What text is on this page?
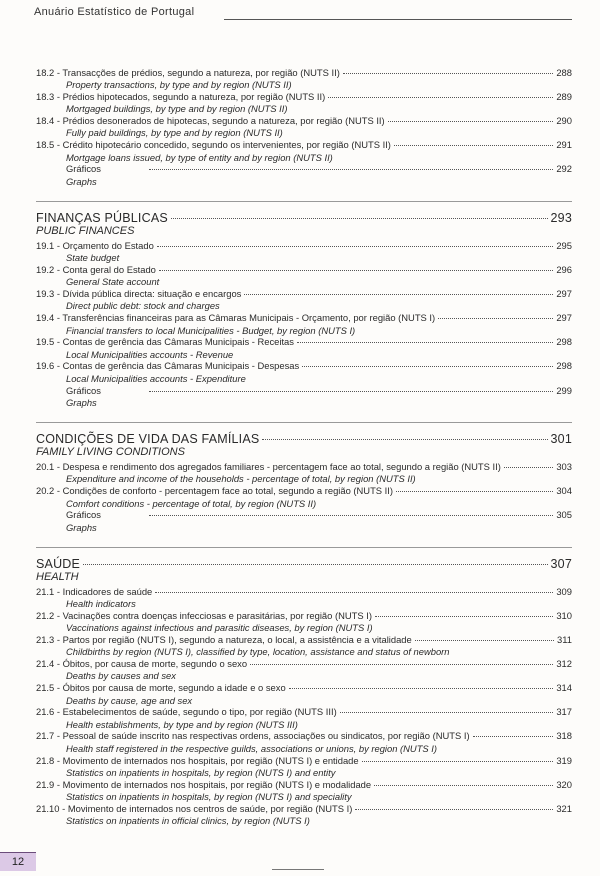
Anuário Estatístico de Portugal
18.2 - Transacções de prédios, segundo a natureza, por região (NUTS II)	288
Property transactions, by type and by region (NUTS II)
18.3 - Prédios hipotecados, segundo a natureza, por região (NUTS II)	289
Mortgaged buildings, by type and by region (NUTS II)
18.4 - Prédios desonerados de hipotecas, segundo a natureza, por região (NUTS II)	290
Fully paid buildings, by type and by region (NUTS II)
18.5 - Crédito hipotecário concedido, segundo os intervenientes, por região (NUTS II)	291
Mortgage loans issued, by type of entity and by region (NUTS II)
Gráficos	292
Graphs
FINANÇAS PÚBLICAS	293
PUBLIC FINANCES
19.1 - Orçamento do Estado	295
State budget
19.2 - Conta geral do Estado	296
General State account
19.3 - Dívida pública directa: situação e encargos	297
Direct public debt: stock and charges
19.4 - Transferências financeiras para as Câmaras Municipais - Orçamento, por região (NUTS I)	297
Financial transfers to local Municipalities - Budget, by region (NUTS I)
19.5 - Contas de gerência das Câmaras Municipais - Receitas	298
Local Municipalities accounts - Revenue
19.6 - Contas de gerência das Câmaras Municipais - Despesas	298
Local Municipalities accounts - Expenditure
Gráficos	299
Graphs
CONDIÇÕES DE VIDA DAS FAMÍLIAS	301
FAMILY LIVING CONDITIONS
20.1 - Despesa e rendimento dos agregados familiares - percentagem face ao total, segundo a região (NUTS II)	303
Expenditure and income of the households - percentage of total, by region (NUTS II)
20.2 - Condições de conforto - percentagem face ao total, segundo a região (NUTS II)	304
Comfort conditions - percentage of total, by region (NUTS II)
Gráficos	305
Graphs
SAÚDE	307
HEALTH
21.1 - Indicadores de saúde	309
Health indicators
21.2 - Vacinações contra doenças infecciosas e parasitárias, por região (NUTS I)	310
Vaccinations against infectious and parasitic diseases, by region (NUTS I)
21.3 - Partos por região (NUTS I), segundo a natureza, o local, a assistência e a vitalidade	311
Childbirths by region (NUTS I), classified by type, location, assistance and status of newborn
21.4 - Óbitos, por causa de morte, segundo o sexo	312
Deaths by causes and sex
21.5 - Óbitos por causa de morte, segundo a idade e o sexo	314
Deaths by cause, age and sex
21.6 - Estabelecimentos de saúde, segundo o tipo, por região (NUTS III)	317
Health establishments, by type and by region (NUTS III)
21.7 - Pessoal de saúde inscrito nas respectivas ordens, associações ou sindicatos, por região (NUTS I)	318
Health staff registered in the respective guilds, associations or unions, by region (NUTS I)
21.8 - Movimento de internados nos hospitais, por região (NUTS I) e entidade	319
Statistics on inpatients in hospitals, by region (NUTS I) and entity
21.9 - Movimento de internados nos hospitais, por região (NUTS I) e modalidade	320
Statistics on inpatients in hospitals, by region (NUTS I) and speciality
21.10 - Movimento de internados nos centros de saúde, por região (NUTS I)	321
Statistics on inpatients in official clinics, by region (NUTS I)
12
